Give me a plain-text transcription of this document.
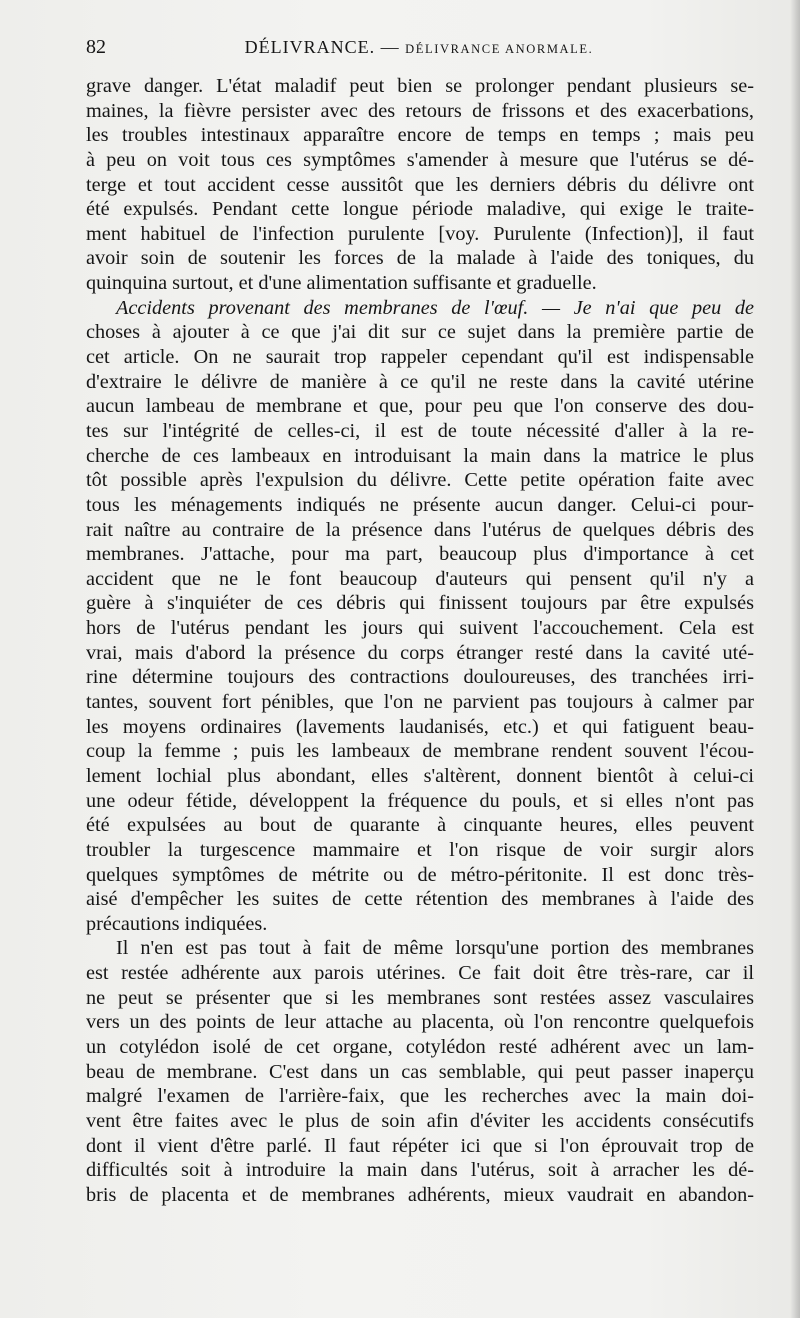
82	DÉLIVRANCE. — DÉLIVRANCE ANORMALE.
grave danger. L'état maladif peut bien se prolonger pendant plusieurs se-
maines, la fièvre persister avec des retours de frissons et des exacerbations,
les troubles intestinaux apparaître encore de temps en temps ; mais peu
à peu on voit tous ces symptômes s'amender à mesure que l'utérus se dé-
terge et tout accident cesse aussitôt que les derniers débris du délivre ont
été expulsés. Pendant cette longue période maladive, qui exige le traite-
ment habituel de l'infection purulente [voy. Purulente (Infection)], il faut
avoir soin de soutenir les forces de la malade à l'aide des toniques, du
quinquina surtout, et d'une alimentation suffisante et graduelle.
Accidents provenant des membranes de l'œuf. — Je n'ai que peu de
choses à ajouter à ce que j'ai dit sur ce sujet dans la première partie de
cet article. On ne saurait trop rappeler cependant qu'il est indispensable
d'extraire le délivre de manière à ce qu'il ne reste dans la cavité utérine
aucun lambeau de membrane et que, pour peu que l'on conserve des dou-
tes sur l'intégrité de celles-ci, il est de toute nécessité d'aller à la re-
cherche de ces lambeaux en introduisant la main dans la matrice le plus
tôt possible après l'expulsion du délivre. Cette petite opération faite avec
tous les ménagements indiqués ne présente aucun danger. Celui-ci pour-
rait naître au contraire de la présence dans l'utérus de quelques débris des
membranes. J'attache, pour ma part, beaucoup plus d'importance à cet
accident que ne le font beaucoup d'auteurs qui pensent qu'il n'y a
guère à s'inquiéter de ces débris qui finissent toujours par être expulsés
hors de l'utérus pendant les jours qui suivent l'accouchement. Cela est
vrai, mais d'abord la présence du corps étranger resté dans la cavité uté-
rine détermine toujours des contractions douloureuses, des tranchées irri-
tantes, souvent fort pénibles, que l'on ne parvient pas toujours à calmer par
les moyens ordinaires (lavements laudanisés, etc.) et qui fatiguent beau-
coup la femme ; puis les lambeaux de membrane rendent souvent l'écou-
lement lochial plus abondant, elles s'altèrent, donnent bientôt à celui-ci
une odeur fétide, développent la fréquence du pouls, et si elles n'ont pas
été expulsées au bout de quarante à cinquante heures, elles peuvent
troubler la turgescence mammaire et l'on risque de voir surgir alors
quelques symptômes de métrite ou de métro-péritonite. Il est donc très-
aisé d'empêcher les suites de cette rétention des membranes à l'aide des
précautions indiquées.
Il n'en est pas tout à fait de même lorsqu'une portion des membranes
est restée adhérente aux parois utérines. Ce fait doit être très-rare, car il
ne peut se présenter que si les membranes sont restées assez vasculaires
vers un des points de leur attache au placenta, où l'on rencontre quelquefois
un cotylédon isolé de cet organe, cotylédon resté adhérent avec un lam-
beau de membrane. C'est dans un cas semblable, qui peut passer inaperçu
malgré l'examen de l'arrière-faix, que les recherches avec la main doi-
vent être faites avec le plus de soin afin d'éviter les accidents consécutifs
dont il vient d'être parlé. Il faut répéter ici que si l'on éprouvait trop de
difficultés soit à introduire la main dans l'utérus, soit à arracher les dé-
bris de placenta et de membranes adhérents, mieux vaudrait en abandon-
